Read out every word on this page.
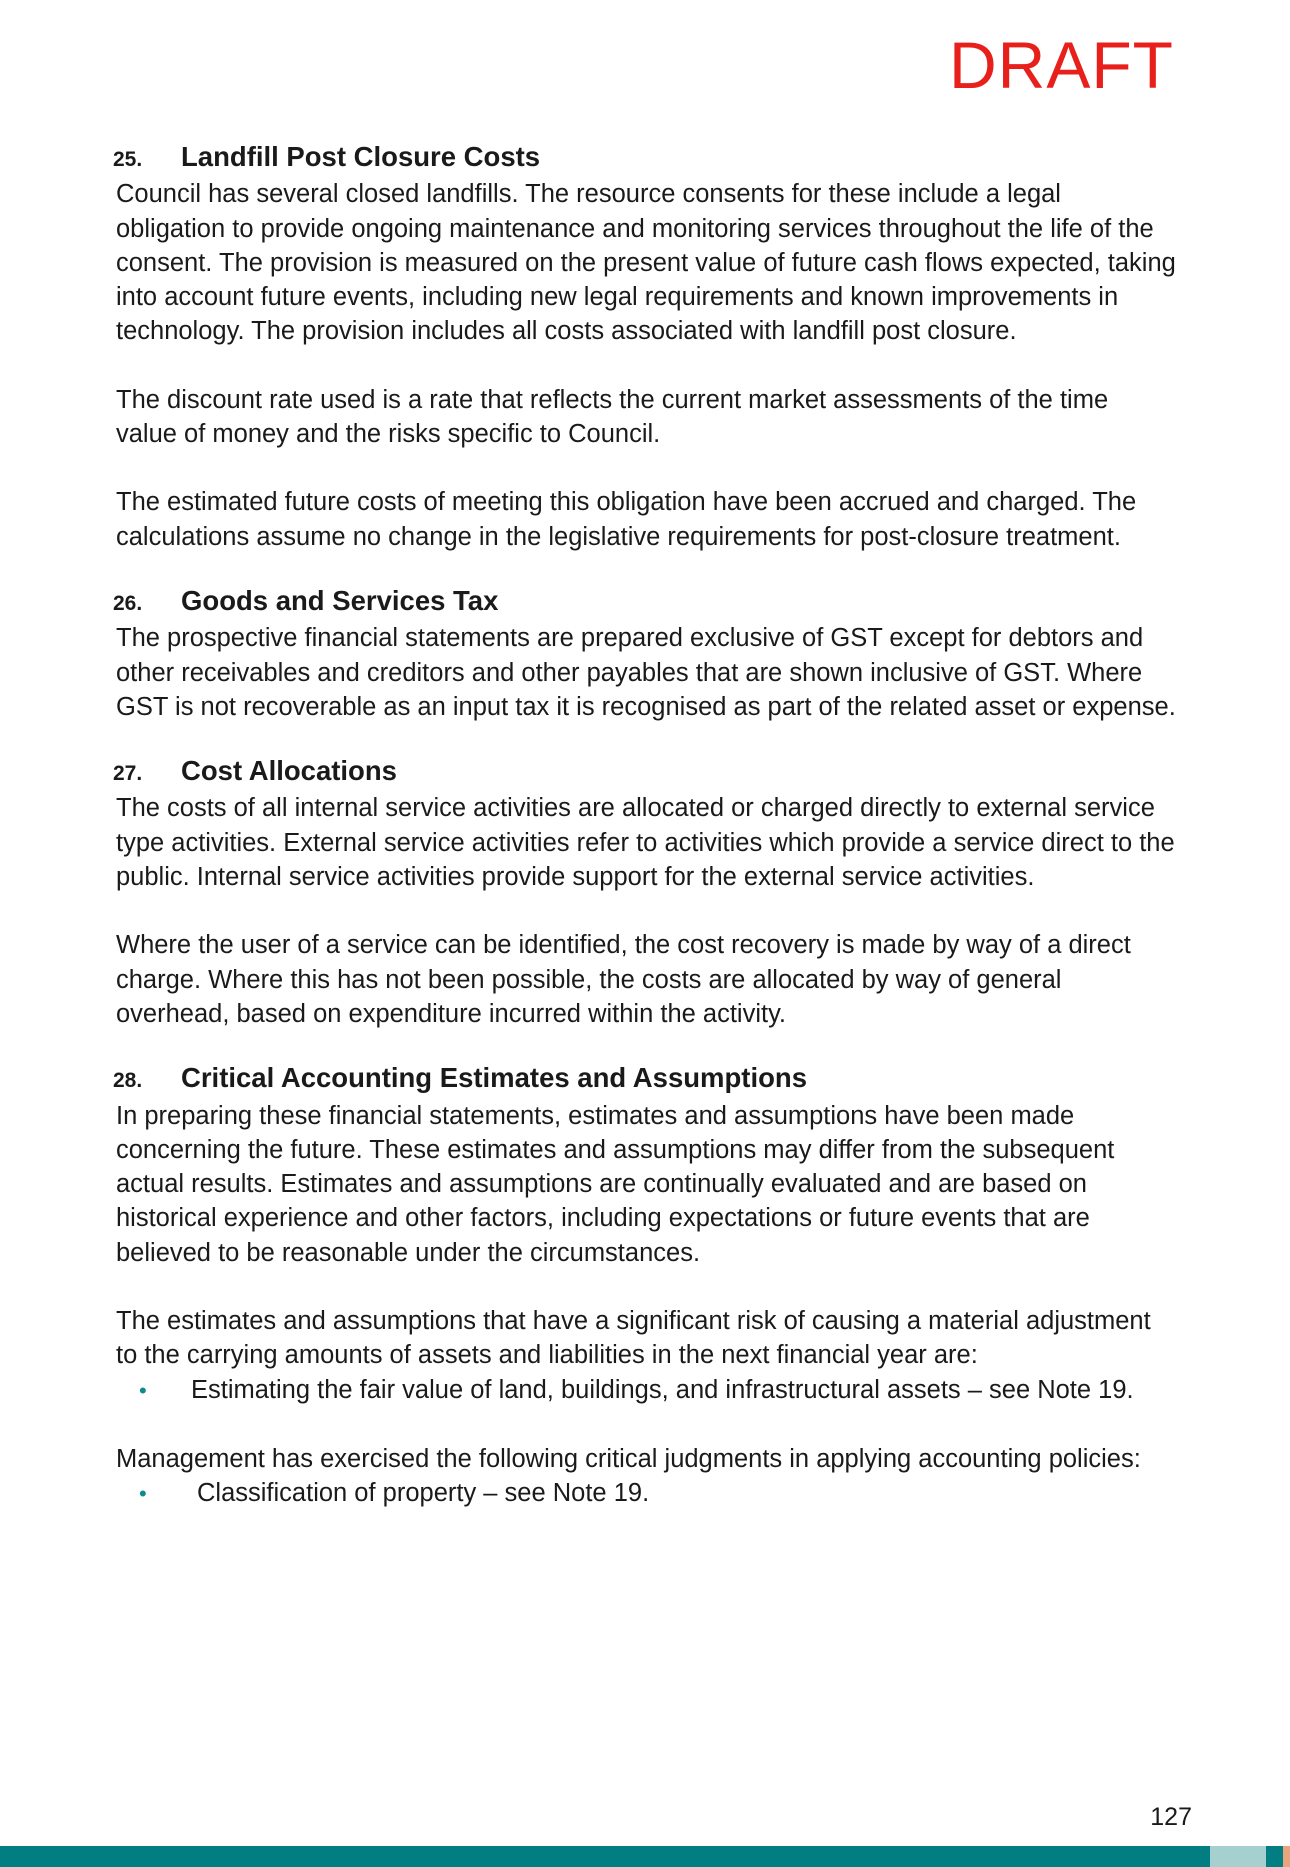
DRAFT
25.	Landfill Post Closure Costs

Council has several closed landfills. The resource consents for these include a legal obligation to provide ongoing maintenance and monitoring services throughout the life of the consent. The provision is measured on the present value of future cash flows expected, taking into account future events, including new legal requirements and known improvements in technology. The provision includes all costs associated with landfill post closure.

The discount rate used is a rate that reflects the current market assessments of the time value of money and the risks specific to Council.

The estimated future costs of meeting this obligation have been accrued and charged. The calculations assume no change in the legislative requirements for post-closure treatment.

26.	Goods and Services Tax

The prospective financial statements are prepared exclusive of GST except for debtors and other receivables and creditors and other payables that are shown inclusive of GST. Where GST is not recoverable as an input tax it is recognised as part of the related asset or expense.

27.	Cost Allocations

The costs of all internal service activities are allocated or charged directly to external service type activities. External service activities refer to activities which provide a service direct to the public. Internal service activities provide support for the external service activities.

Where the user of a service can be identified, the cost recovery is made by way of a direct charge. Where this has not been possible, the costs are allocated by way of general overhead, based on expenditure incurred within the activity.

28.	Critical Accounting Estimates and Assumptions

In preparing these financial statements, estimates and assumptions have been made concerning the future. These estimates and assumptions may differ from the subsequent actual results. Estimates and assumptions are continually evaluated and are based on historical experience and other factors, including expectations or future events that are believed to be reasonable under the circumstances.

The estimates and assumptions that have a significant risk of causing a material adjustment to the carrying amounts of assets and liabilities in the next financial year are:

•	Estimating the fair value of land, buildings, and infrastructural assets – see Note 19.

Management has exercised the following critical judgments in applying accounting policies:

•	Classification of property – see Note 19.
127
